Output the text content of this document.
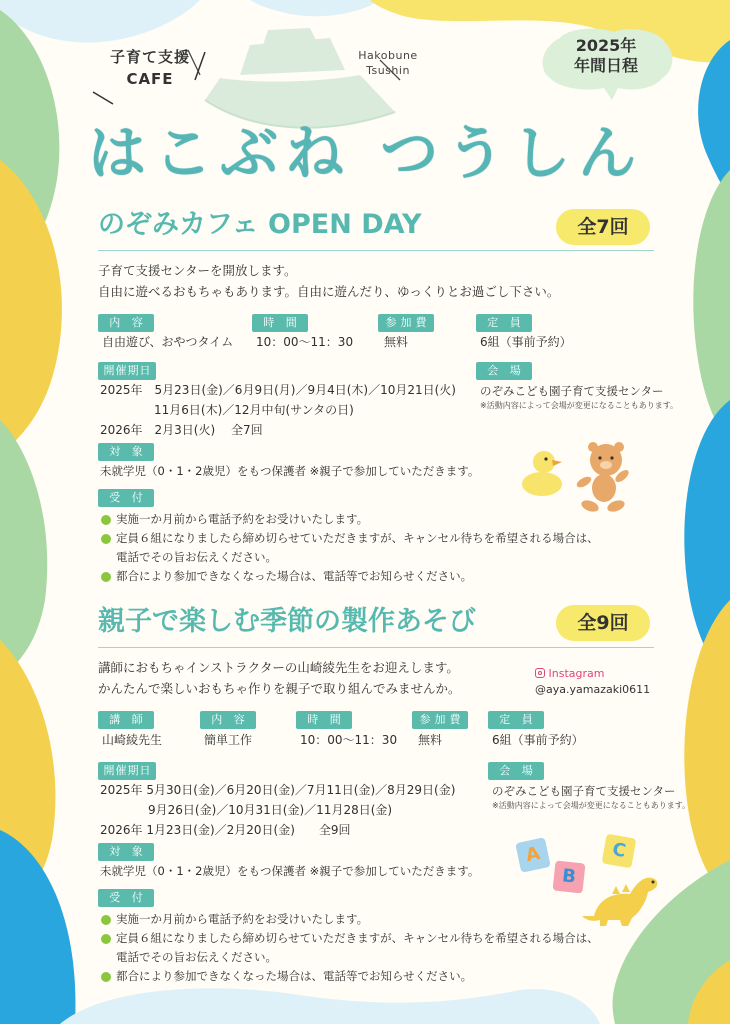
子育て支援
CAFE
Hakobune
Tsushin
2025年
年間日程
はこぶね つうしん
のぞみカフェ OPEN DAY	全7回
子育て支援センターを開放します。
自由に遊べるおもちゃもあります。自由に遊んだり、ゆっくりとお過ごし下さい。
内 容
自由遊び、おやつタイム
時 間
10：00〜11：30
参加費
無料
定 員
6組（事前予約）
開催期日
2025年　5月23日(金)／6月9日(月)／9月4日(木)／10月21日(火)
11月6日(木)／12月中旬(サンタの日)
2026年　2月3日(火)　 全7回
会 場
のぞみこども園子育て支援センター
※活動内容によって会場が変更になることもあります。
対 象
未就学児（0・1・2歳児）をもつ保護者 ※親子で参加していただきます。
受 付
実施一か月前から電話予約をお受けいたします。
定員６組になりましたら締め切らせていただきますが、キャンセル待ちを希望される場合は、
電話でその旨お伝えください。
都合により参加できなくなった場合は、電話等でお知らせください。
親子で楽しむ季節の製作あそび	全9回
講師におもちゃインストラクターの山崎綾先生をお迎えします。
かんたんで楽しいおもちゃ作りを親子で取り組んでみませんか。
Instagram
@aya.yamazaki0611
講 師
山崎綾先生
内 容
簡単工作
時 間
10：00〜11：30
参加費
無料
定 員
6組（事前予約）
開催期日
2025年 5月30日(金)／6月20日(金)／7月11日(金)／8月29日(金)
9月26日(金)／10月31日(金)／11月28日(金)
2026年 1月23日(金)／2月20日(金)　　全9回
会 場
のぞみこども園子育て支援センター
※活動内容によって会場が変更になることもあります。
対 象
未就学児（0・1・2歳児）をもつ保護者 ※親子で参加していただきます。
受 付
実施一か月前から電話予約をお受けいたします。
定員６組になりましたら締め切らせていただきますが、キャンセル待ちを希望される場合は、
電話でその旨お伝えください。
都合により参加できなくなった場合は、電話等でお知らせください。
A
B
C
